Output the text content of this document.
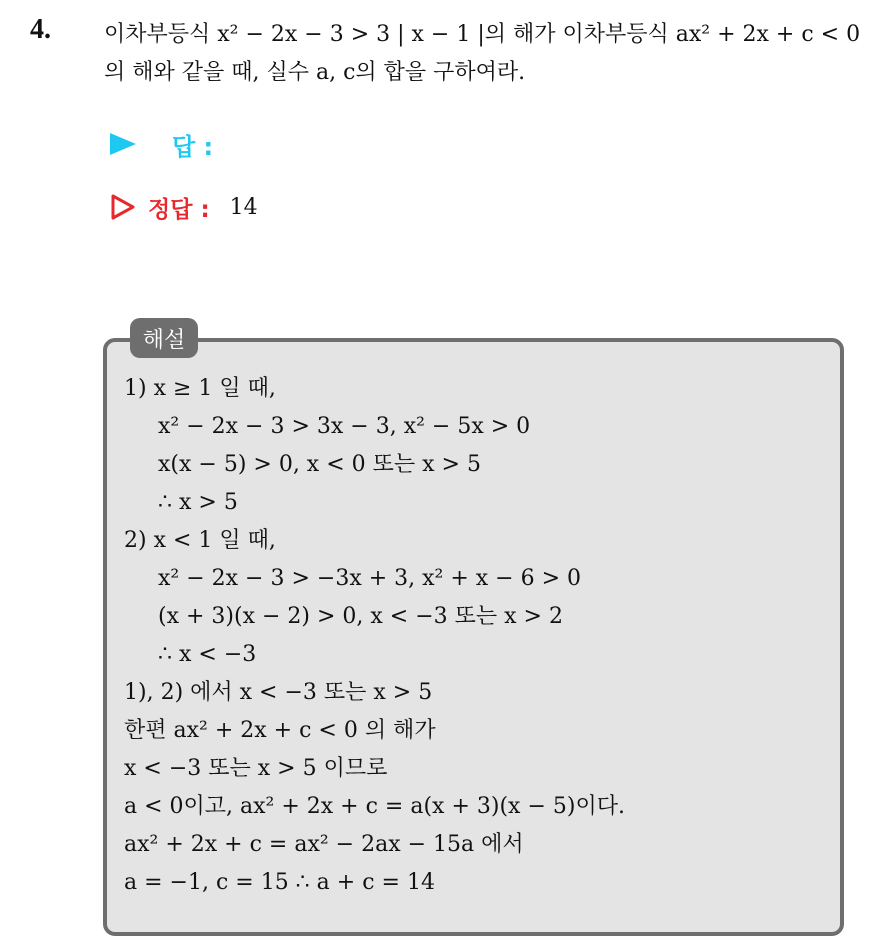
4. 이차부등식 x² − 2x − 3 > 3 | x − 1 |의 해가 이차부등식 ax² + 2x + c < 0의 해와 같을 때, 실수 a, c의 합을 구하여라.
답 :
정답 : 14
해설
1) x ≥ 1 일 때,
x² − 2x − 3 > 3x − 3, x² − 5x > 0
x(x − 5) > 0, x < 0 또는 x > 5
∴ x > 5
2) x < 1 일 때,
x² − 2x − 3 > −3x + 3, x² + x − 6 > 0
(x + 3)(x − 2) > 0, x < −3 또는 x > 2
∴ x < −3
1), 2) 에서 x < −3 또는 x > 5
한편 ax² + 2x + c < 0 의 해가
x < −3 또는 x > 5 이므로
a < 0이고, ax² + 2x + c = a(x + 3)(x − 5)이다.
ax² + 2x + c = ax² − 2ax − 15a 에서
a = −1, c = 15 ∴ a + c = 14
